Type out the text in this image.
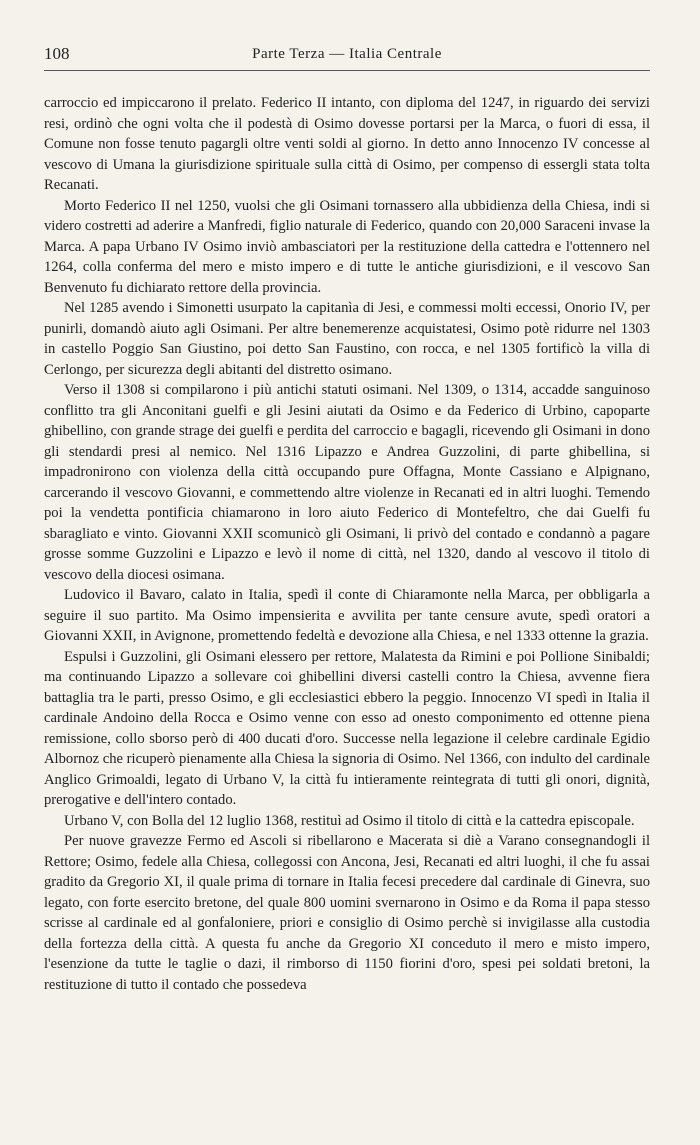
108	Parte Terza — Italia Centrale

carroccio ed impiccarono il prelato. Federico II intanto, con diploma del 1247, in riguardo dei servizi resi, ordinò che ogni volta che il podestà di Osimo dovesse portarsi per la Marca, o fuori di essa, il Comune non fosse tenuto pagargli oltre venti soldi al giorno. In detto anno Innocenzo IV concesse al vescovo di Umana la giurisdizione spirituale sulla città di Osimo, per compenso di essergli stata tolta Recanati.

Morto Federico II nel 1250, vuolsi che gli Osimani tornassero alla ubbidienza della Chiesa, indi si videro costretti ad aderire a Manfredi, figlio naturale di Federico, quando con 20,000 Saraceni invase la Marca. A papa Urbano IV Osimo inviò ambasciatori per la restituzione della cattedra e l'ottennero nel 1264, colla conferma del mero e misto impero e di tutte le antiche giurisdizioni, e il vescovo San Benvenuto fu dichiarato rettore della provincia.

Nel 1285 avendo i Simonetti usurpato la capitanìa di Jesi, e commessi molti eccessi, Onorio IV, per punirli, domandò aiuto agli Osimani. Per altre benemerenze acquistatesi, Osimo potè ridurre nel 1303 in castello Poggio San Giustino, poi detto San Faustino, con rocca, e nel 1305 fortificò la villa di Cerlongo, per sicurezza degli abitanti del distretto osimano.

Verso il 1308 si compilarono i più antichi statuti osimani. Nel 1309, o 1314, accadde sanguinoso conflitto tra gli Anconitani guelfi e gli Jesini aiutati da Osimo e da Federico di Urbino, capoparte ghibellino, con grande strage dei guelfi e perdita del carroccio e bagagli, ricevendo gli Osimani in dono gli stendardi presi al nemico. Nel 1316 Lipazzo e Andrea Guzzolini, di parte ghibellina, si impadronirono con violenza della città occupando pure Offagna, Monte Cassiano e Alpignano, carcerando il vescovo Giovanni, e commettendo altre violenze in Recanati ed in altri luoghi. Temendo poi la vendetta pontificia chiamarono in loro aiuto Federico di Montefeltro, che dai Guelfi fu sbaragliato e vinto. Giovanni XXII scomunicò gli Osimani, li privò del contado e condannò a pagare grosse somme Guzzolini e Lipazzo e levò il nome di città, nel 1320, dando al vescovo il titolo di vescovo della diocesi osimana.

Ludovico il Bavaro, calato in Italia, spedì il conte di Chiaramonte nella Marca, per obbligarla a seguire il suo partito. Ma Osimo impensierita e avvilita per tante censure avute, spedì oratori a Giovanni XXII, in Avignone, promettendo fedeltà e devozione alla Chiesa, e nel 1333 ottenne la grazia.

Espulsi i Guzzolini, gli Osimani elessero per rettore, Malatesta da Rimini e poi Pollione Sinibaldi; ma continuando Lipazzo a sollevare coi ghibellini diversi castelli contro la Chiesa, avvenne fiera battaglia tra le parti, presso Osimo, e gli ecclesiastici ebbero la peggio. Innocenzo VI spedì in Italia il cardinale Andoino della Rocca e Osimo venne con esso ad onesto componimento ed ottenne piena remissione, collo sborso però di 400 ducati d'oro. Successe nella legazione il celebre cardinale Egidio Albornoz che ricuperò pienamente alla Chiesa la signoria di Osimo. Nel 1366, con indulto del cardinale Anglico Grimoaldi, legato di Urbano V, la città fu intieramente reintegrata di tutti gli onori, dignità, prerogative e dell'intero contado.

Urbano V, con Bolla del 12 luglio 1368, restituì ad Osimo il titolo di città e la cattedra episcopale.

Per nuove gravezze Fermo ed Ascoli si ribellarono e Macerata si diè a Varano consegnandogli il Rettore; Osimo, fedele alla Chiesa, collegossi con Ancona, Jesi, Recanati ed altri luoghi, il che fu assai gradito da Gregorio XI, il quale prima di tornare in Italia fecesi precedere dal cardinale di Ginevra, suo legato, con forte esercito bretone, del quale 800 uomini svernarono in Osimo e da Roma il papa stesso scrisse al cardinale ed al gonfaloniere, priori e consiglio di Osimo perchè si invigilasse alla custodia della fortezza della città. A questa fu anche da Gregorio XI conceduto il mero e misto impero, l'esenzione da tutte le taglie o dazi, il rimborso di 1150 fiorini d'oro, spesi pei soldati bretoni, la restituzione di tutto il contado che possedeva
